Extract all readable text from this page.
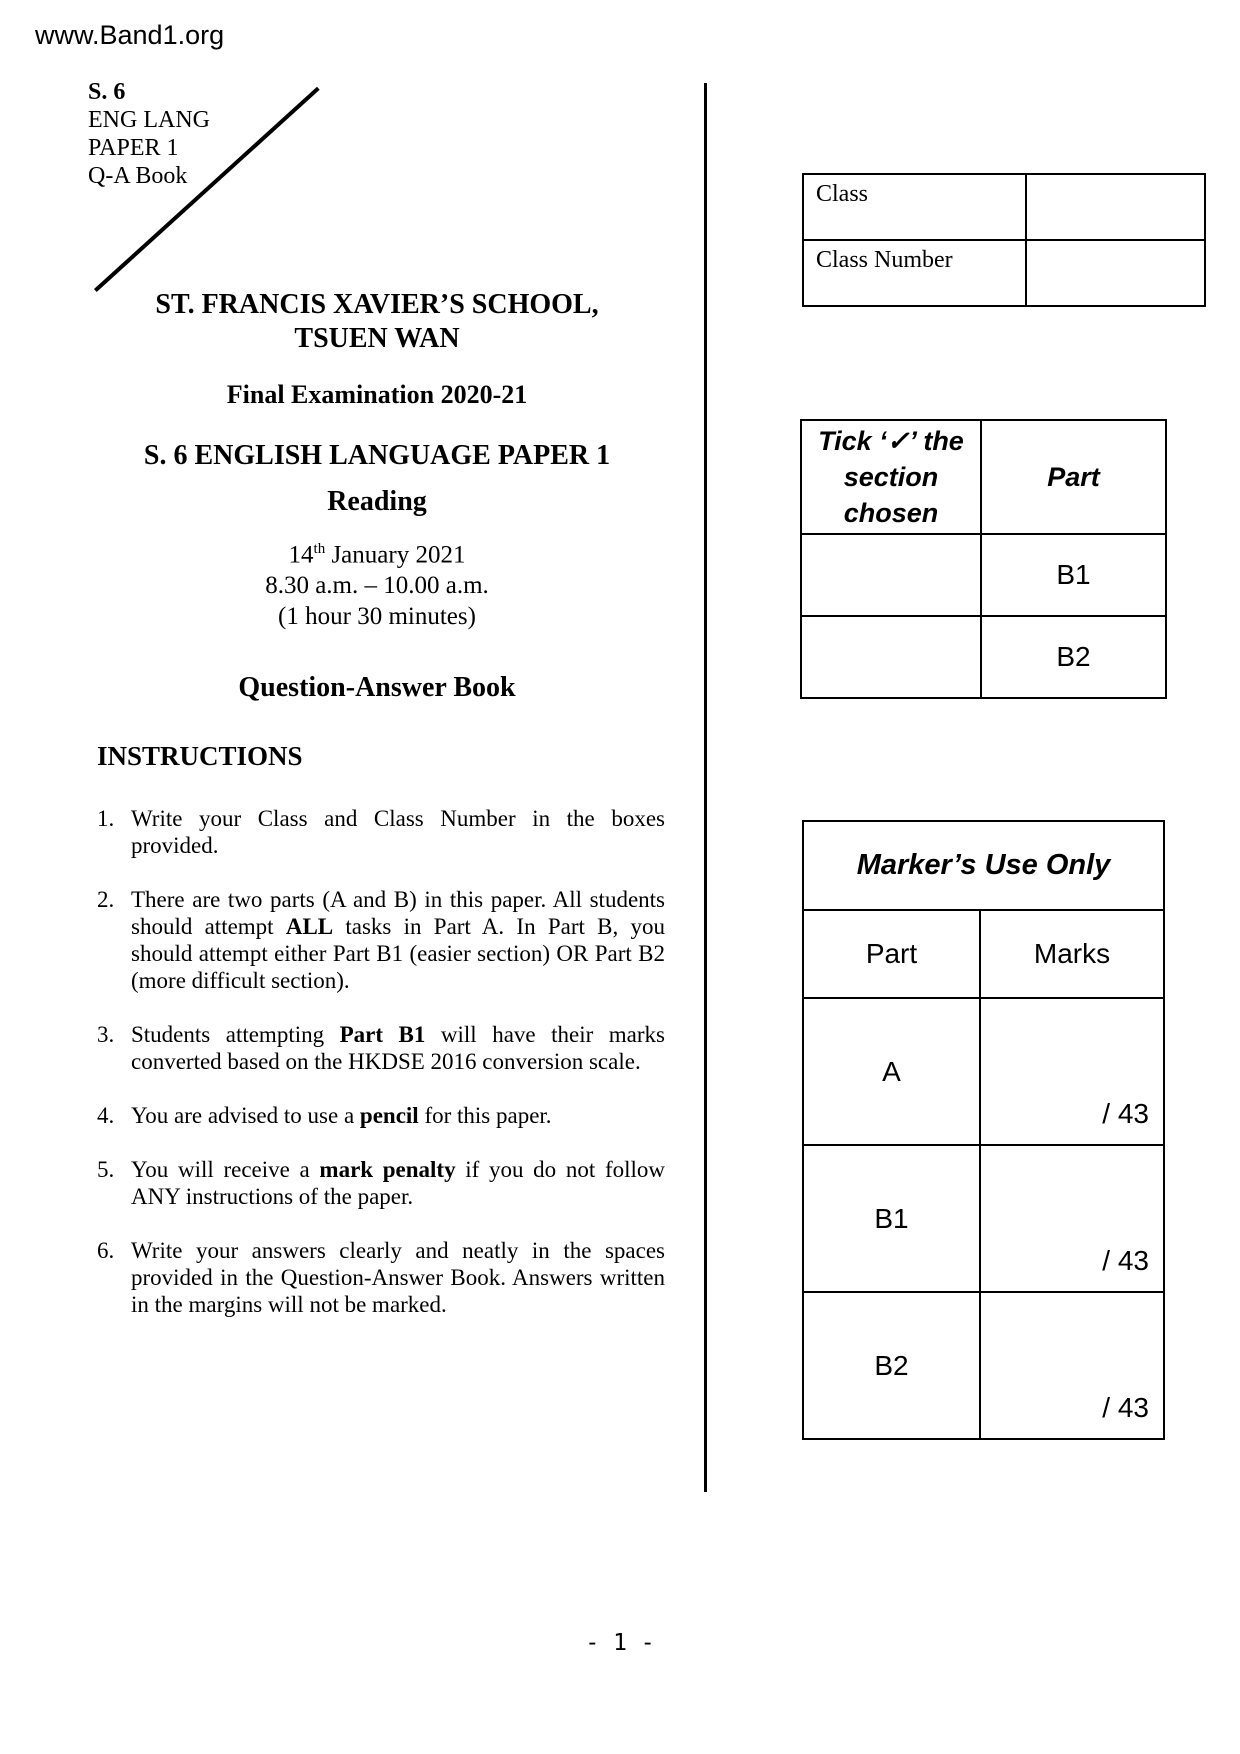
www.Band1.org
S. 6
ENG LANG
PAPER 1
Q-A Book
Class	
Class Number	
ST. FRANCIS XAVIER’S SCHOOL,
TSUEN WAN
Final Examination 2020-21
S. 6 ENGLISH LANGUAGE PAPER 1
Reading
14th January 2021
8.30 a.m. – 10.00 a.m.
(1 hour 30 minutes)
Question-Answer Book
Tick ‘✓’ the section chosen	Part
	B1
	B2
Marker’s Use Only	
Part	Marks
A	/ 43
B1	/ 43
B2	/ 43
INSTRUCTIONS
1. Write your Class and Class Number in the boxes provided.
2. There are two parts (A and B) in this paper. All students should attempt ALL tasks in Part A. In Part B, you should attempt either Part B1 (easier section) OR Part B2 (more difficult section).
3. Students attempting Part B1 will have their marks converted based on the HKDSE 2016 conversion scale.
4. You are advised to use a pencil for this paper.
5. You will receive a mark penalty if you do not follow ANY instructions of the paper.
6. Write your answers clearly and neatly in the spaces provided in the Question-Answer Book. Answers written in the margins will not be marked.
- 1 -
